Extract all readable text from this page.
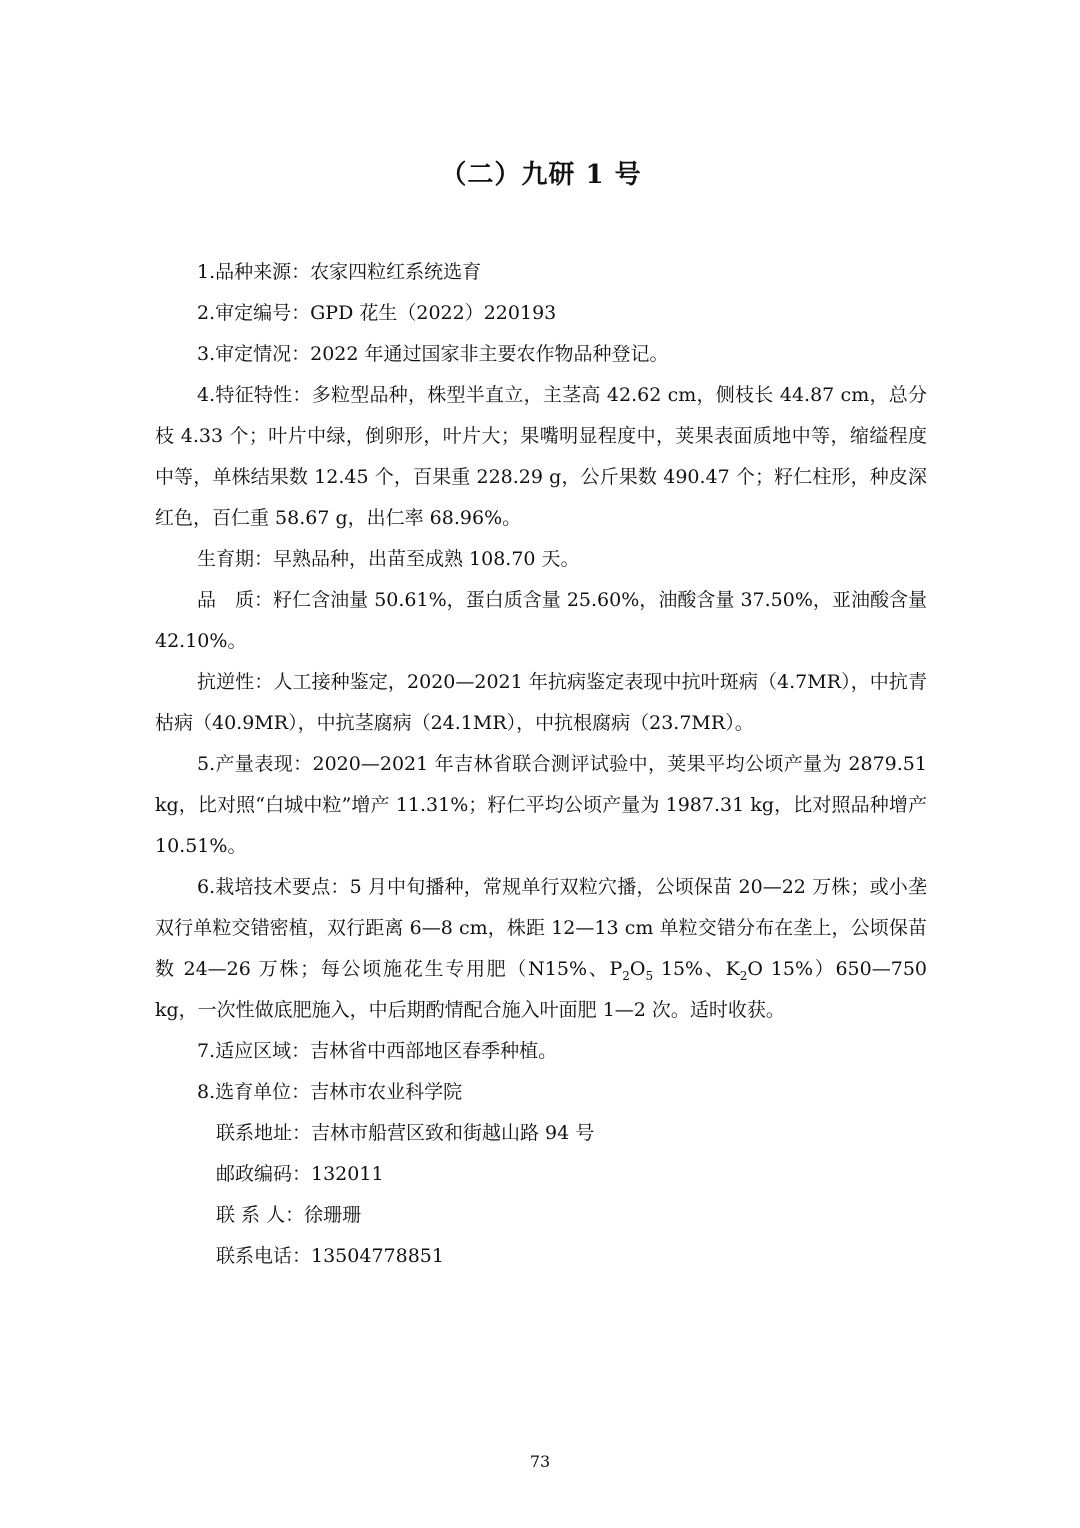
（二）九研 1 号

1.品种来源：农家四粒红系统选育

2.审定编号：GPD 花生（2022）220193

3.审定情况：2022 年通过国家非主要农作物品种登记。

4.特征特性：多粒型品种，株型半直立，主茎高 42.62 cm，侧枝长 44.87 cm，总分枝 4.33 个；叶片中绿，倒卵形，叶片大；果嘴明显程度中，荚果表面质地中等，缩缢程度中等，单株结果数 12.45 个，百果重 228.29 g，公斤果数 490.47 个；籽仁柱形，种皮深红色，百仁重 58.67 g，出仁率 68.96%。

生育期：早熟品种，出苗至成熟 108.70 天。

品　质：籽仁含油量 50.61%，蛋白质含量 25.60%，油酸含量 37.50%，亚油酸含量 42.10%。

抗逆性：人工接种鉴定，2020—2021 年抗病鉴定表现中抗叶斑病（4.7MR），中抗青枯病（40.9MR），中抗茎腐病（24.1MR），中抗根腐病（23.7MR）。

5.产量表现：2020—2021 年吉林省联合测评试验中，荚果平均公顷产量为 2879.51 kg，比对照“白城中粒”增产 11.31%；籽仁平均公顷产量为 1987.31 kg，比对照品种增产 10.51%。

6.栽培技术要点：5 月中旬播种，常规单行双粒穴播，公顷保苗 20—22 万株；或小垄双行单粒交错密植，双行距离 6—8 cm，株距 12—13 cm 单粒交错分布在垄上，公顷保苗数 24—26 万株；每公顷施花生专用肥（N15%、$P_2O_5$ 15%、$K_2O$ 15%）650—750 kg，一次性做底肥施入，中后期酌情配合施入叶面肥 1—2 次。适时收获。

7.适应区域：吉林省中西部地区春季种植。

8.选育单位：吉林市农业科学院

联系地址：吉林市船营区致和街越山路 94 号

邮政编码：132011

联 系 人：徐珊珊

联系电话：13504778851

73
